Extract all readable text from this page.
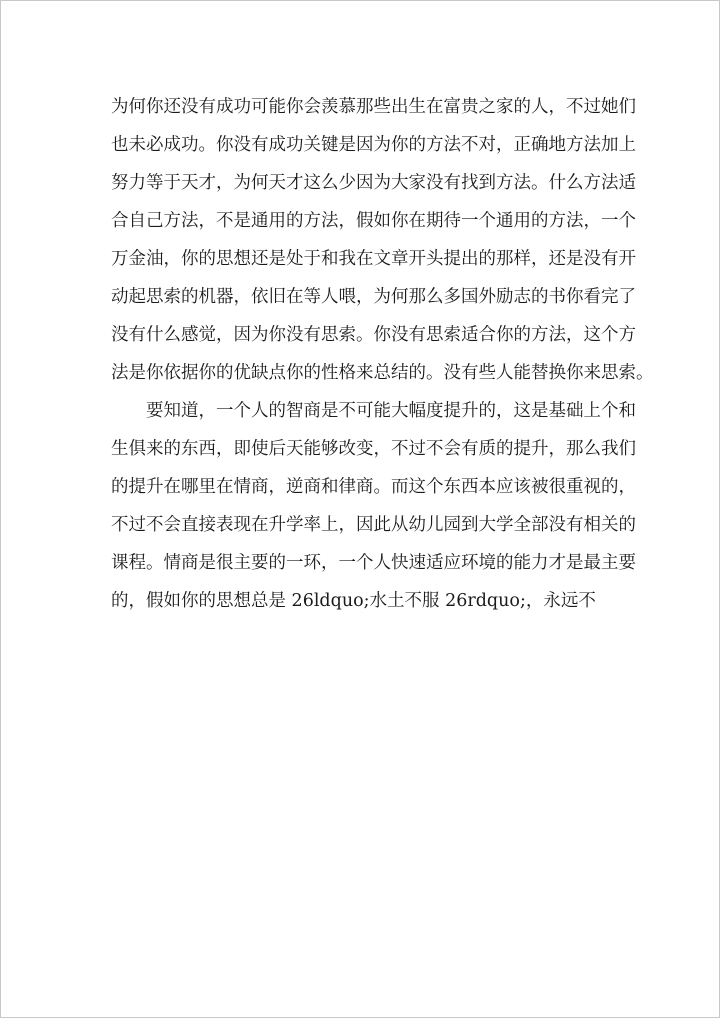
为何你还没有成功可能你会羡慕那些出生在富贵之家的人，不过她们

也未必成功。你没有成功关键是因为你的方法不对，正确地方法加上

努力等于天才，为何天才这么少因为大家没有找到方法。什么方法适

合自己方法，不是通用的方法，假如你在期待一个通用的方法，一个

万金油，你的思想还是处于和我在文章开头提出的那样，还是没有开

动起思索的机器，依旧在等人喂，为何那么多国外励志的书你看完了

没有什么感觉，因为你没有思索。你没有思索适合你的方法，这个方

法是你依据你的优缺点你的性格来总结的。没有些人能替换你来思索。

要知道，一个人的智商是不可能大幅度提升的，这是基础上个和

生俱来的东西，即使后天能够改变，不过不会有质的提升，那么我们

的提升在哪里在情商，逆商和律商。而这个东西本应该被很重视的，

不过不会直接表现在升学率上，因此从幼儿园到大学全部没有相关的

课程。情商是很主要的一环，一个人快速适应环境的能力才是最主要

的，假如你的思想总是 26ldquo;水土不服 26rdquo;，永远不
